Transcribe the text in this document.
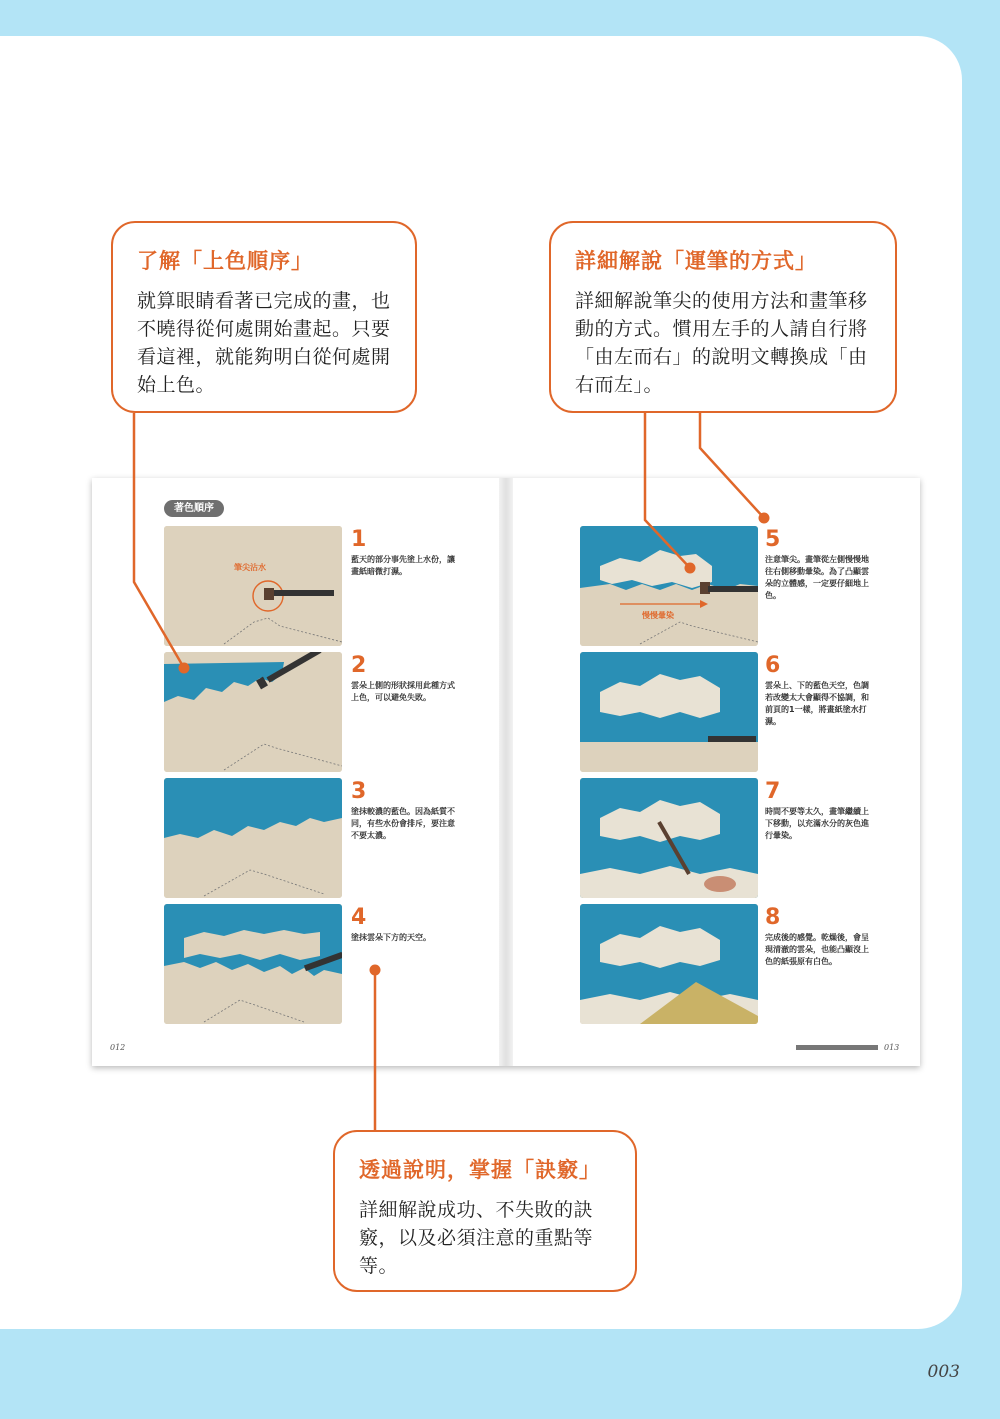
了解「上色順序」
就算眼睛看著已完成的畫，也不曉得從何處開始畫起。只要看這裡，就能夠明白從何處開始上色。
詳細解說「運筆的方式」
詳細解說筆尖的使用方法和畫筆移動的方式。慣用左手的人請自行將「由左而右」的說明文轉換成「由右而左」。
透過說明，掌握「訣竅」
詳細解說成功、不失敗的訣竅，以及必須注意的重點等等。
著色順序
筆尖沾水
慢慢暈染
1
藍天的部分事先塗上水份，讓畫紙暗微打濕。
2
雲朵上側的形狀採用此種方式上色，可以避免失敗。
3
塗抹較濃的藍色。因為紙質不同，有些水份會排斥，要注意不要太濃。
4
塗抹雲朵下方的天空。
5
注意筆尖。畫筆從左側慢慢地往右側移動暈染。為了凸顯雲朵的立體感，一定要仔細地上色。
6
雲朵上、下的藍色天空，色調若改變太大會顯得不協調，和前頁的1一樣，將畫紙塗水打濕。
7
時間不要等太久，畫筆繼續上下移動，以充滿水分的灰色進行暈染。
8
完成後的感覺。乾燥後，會呈現清澈的雲朵，也能凸顯沒上色的紙張原有白色。
012	013
003
